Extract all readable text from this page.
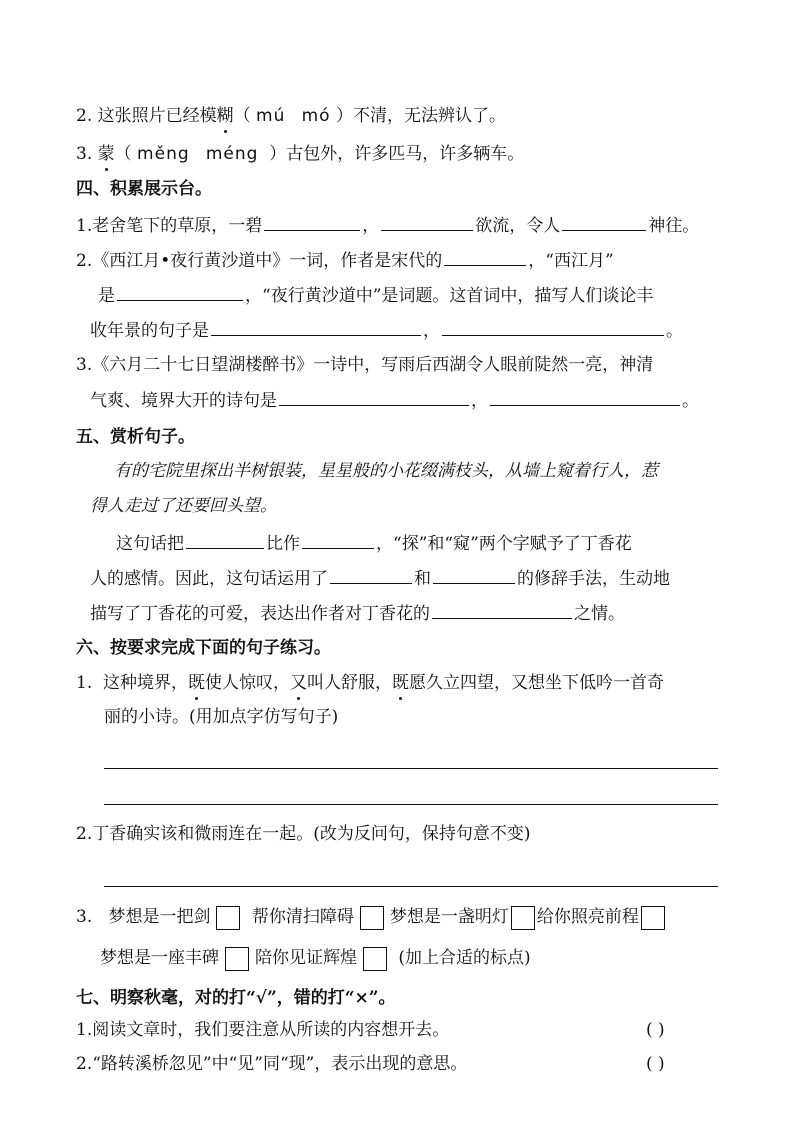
2. 这张照片已经模糊（ mú mó ）不清，无法辨认了。
3. 蒙（ měng méng ）古包外，许多匹马，许多辆车。
四、积累展示台。
1.老舍笔下的草原，一碧	，	欲流，令人	神往。
2.《西江月•夜行黄沙道中》一词，作者是宋代的	，“西江月”
是	，“夜行黄沙道中”是词题。这首词中，描写人们谈论丰
收年景的句子是	，	。
3.《六月二十七日望湖楼醉书》一诗中，写雨后西湖令人眼前陡然一亮，神清
气爽、境界大开的诗句是	，	。
五、赏析句子。
有的宅院里探出半树银装，星星般的小花缀满枝头，从墙上窥着行人，惹
得人走过了还要回头望。
这句话把	比作	，“探”和“窥”两个字赋予了丁香花
人的感情。因此，这句话运用了	和	的修辞手法，生动地
描写了丁香花的可爱，表达出作者对丁香花的	之情。
六、按要求完成下面的句子练习。
1. 这种境界，既使人惊叹，又叫人舒服，既愿久立四望，又想坐下低吟一首奇
丽的小诗。(用加点字仿写句子)
2.丁香确实该和微雨连在一起。(改为反问句，保持句意不变)
3. 梦想是一把剑 帮你清扫障碍 梦想是一盏明灯 给你照亮前程
梦想是一座丰碑 陪你见证辉煌 (加上合适的标点)
七、明察秋毫，对的打“√”，错的打“×”。
1.阅读文章时，我们要注意从所读的内容想开去。	( )
2.“路转溪桥忽见”中“见”同“现”，表示出现的意思。	( )
